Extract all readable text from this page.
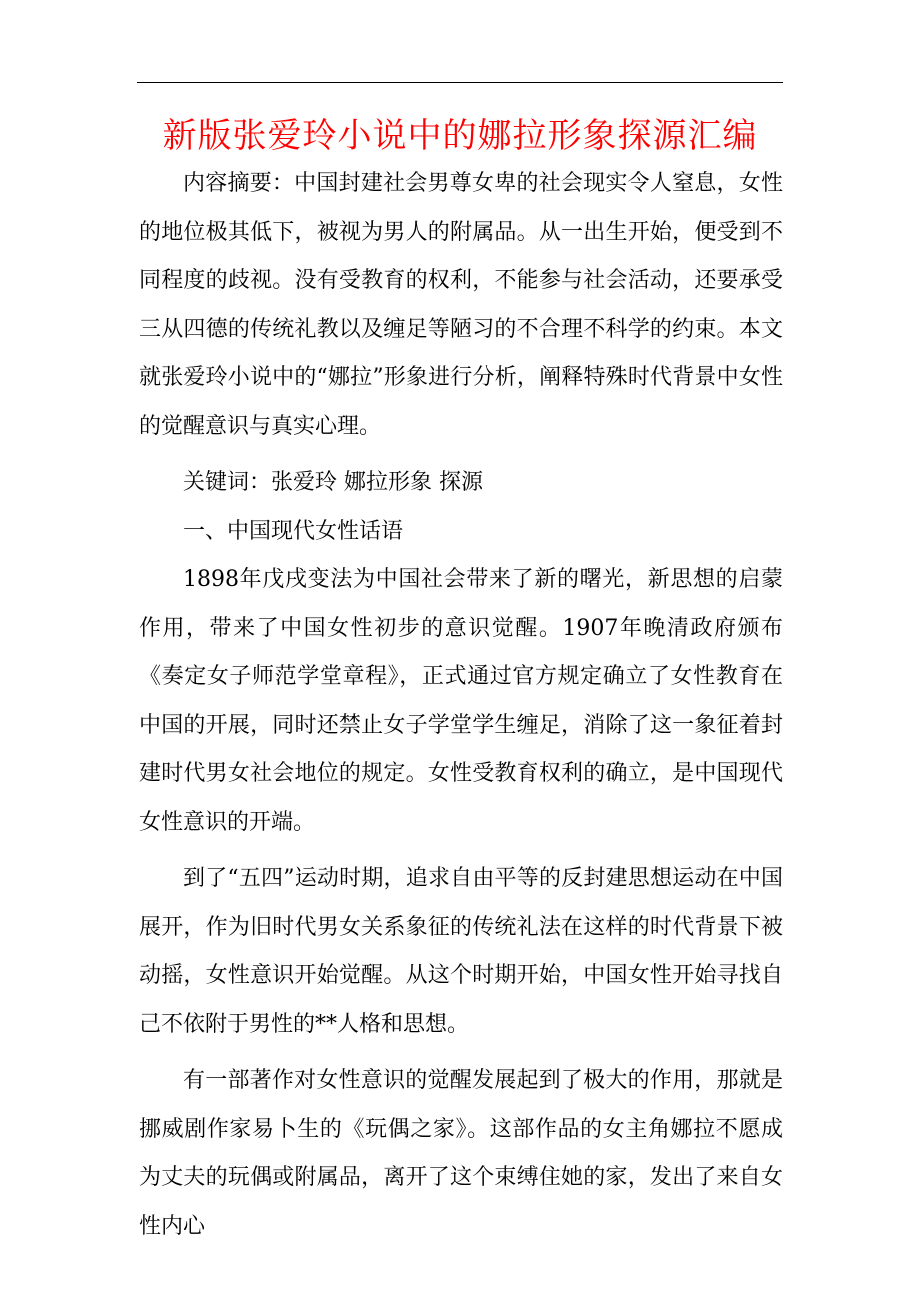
新版张爱玲小说中的娜拉形象探源汇编

内容摘要：中国封建社会男尊女卑的社会现实令人窒息，女性的地位极其低下，被视为男人的附属品。从一出生开始，便受到不同程度的歧视。没有受教育的权利，不能参与社会活动，还要承受三从四德的传统礼教以及缠足等陋习的不合理不科学的约束。本文就张爱玲小说中的“娜拉”形象进行分析，阐释特殊时代背景中女性的觉醒意识与真实心理。

关键词：张爱玲 娜拉形象 探源

一、中国现代女性话语

1898年戊戌变法为中国社会带来了新的曙光，新思想的启蒙作用，带来了中国女性初步的意识觉醒。1907年晚清政府颁布《奏定女子师范学堂章程》，正式通过官方规定确立了女性教育在中国的开展，同时还禁止女子学堂学生缠足，消除了这一象征着封建时代男女社会地位的规定。女性受教育权利的确立，是中国现代女性意识的开端。

到了“五四”运动时期，追求自由平等的反封建思想运动在中国展开，作为旧时代男女关系象征的传统礼法在这样的时代背景下被动摇，女性意识开始觉醒。从这个时期开始，中国女性开始寻找自己不依附于男性的**人格和思想。

有一部著作对女性意识的觉醒发展起到了极大的作用，那就是挪威剧作家易卜生的《玩偶之家》。这部作品的女主角娜拉不愿成为丈夫的玩偶或附属品，离开了这个束缚住她的家，发出了来自女性内心
